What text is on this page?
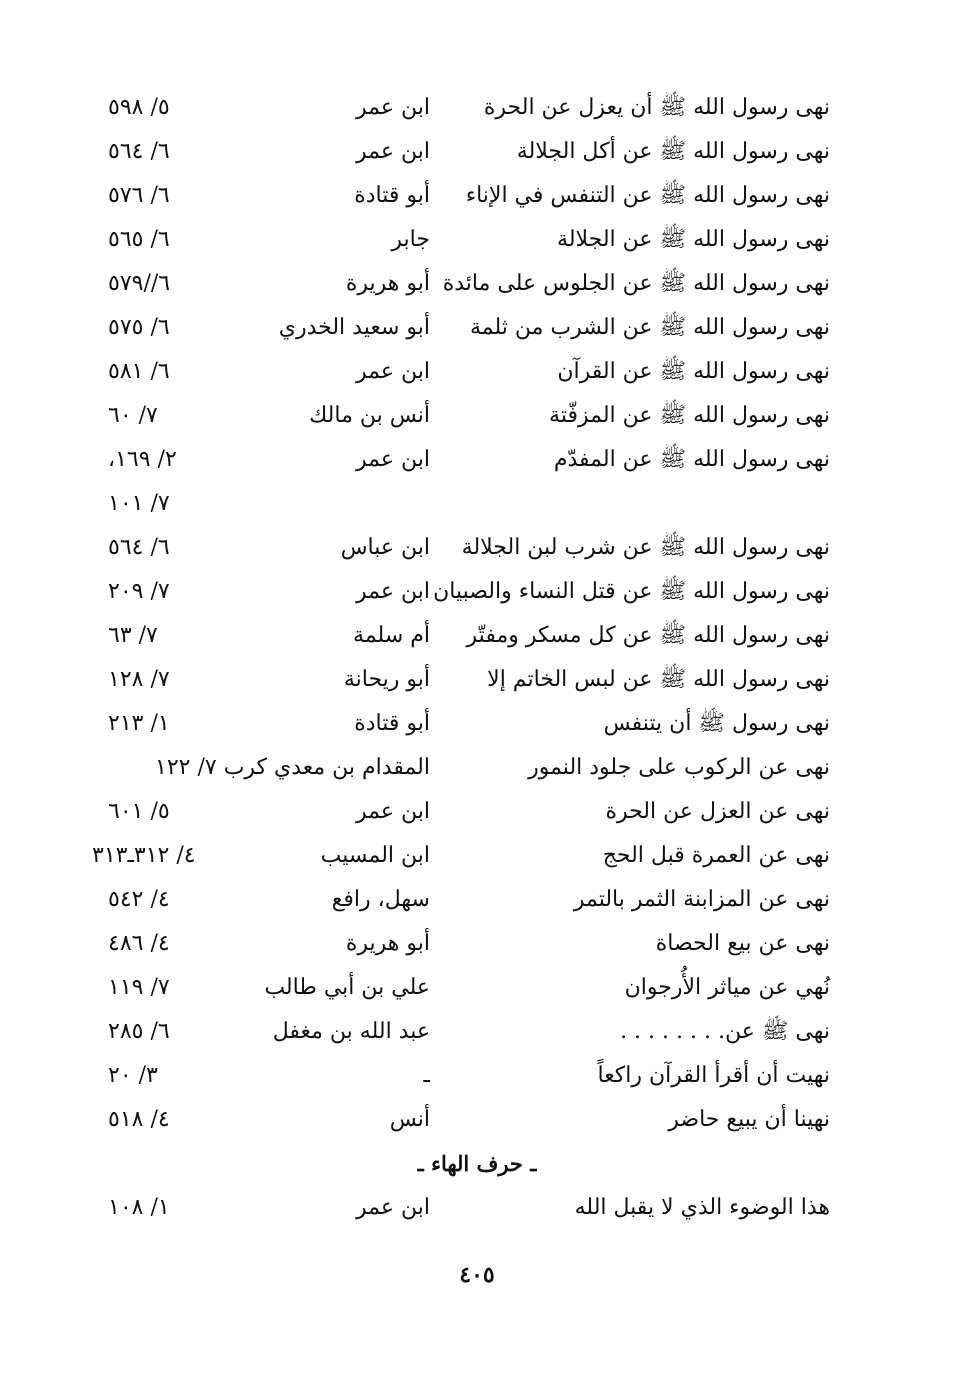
نهى رسول الله ﷺ أن يعزل عن الحرة
ابن عمر
٥/ ٥٩٨
نهى رسول الله ﷺ عن أكل الجلالة
ابن عمر
٦/ ٥٦٤
نهى رسول الله ﷺ عن التنفس في الإناء
أبو قتادة
٦/ ٥٧٦
نهى رسول الله ﷺ عن الجلالة
جابر
٦/ ٥٦٥
نهى رسول الله ﷺ عن الجلوس على مائدة
أبو هريرة
٦//٥٧٩
نهى رسول الله ﷺ عن الشرب من ثلمة
أبو سعيد الخدري
٦/ ٥٧٥
نهى رسول الله ﷺ عن القرآن
ابن عمر
٦/ ٥٨١
نهى رسول الله ﷺ عن المزفّتة
أنس بن مالك
٧/ ٦٠
نهى رسول الله ﷺ عن المفدّم
ابن عمر
٢/ ١٦٩،
٧/ ١٠١
نهى رسول الله ﷺ عن شرب لبن الجلالة
ابن عباس
٦/ ٥٦٤
نهى رسول الله ﷺ عن قتل النساء والصبيان
ابن عمر
٧/ ٢٠٩
نهى رسول الله ﷺ عن كل مسكر ومفتّر
أم سلمة
٧/ ٦٣
نهى رسول الله ﷺ عن لبس الخاتم إلا
أبو ريحانة
٧/ ١٢٨
نهى رسول ﷺ أن يتنفس
أبو قتادة
١/ ٢١٣
نهى عن الركوب على جلود النمور
المقدام بن معدي كرب ٧/ ١٢٢
نهى عن العزل عن الحرة
ابن عمر
٥/ ٦٠١
نهى عن العمرة قبل الحج
ابن المسيب
٤/ ٣١٢ـ٣١٣
نهى عن المزابنة الثمر بالتمر
سهل، رافع
٤/ ٥٤٢
نهى عن بيع الحصاة
أبو هريرة
٤/ ٤٨٦
نُهي عن مياثر الأُرجوان
علي بن أبي طالب
٧/ ١١٩
نهى ﷺ عن. . . . . . . .
عبد الله بن مغفل
٦/ ٢٨٥
نهيت أن أقرأ القرآن راكعاً
ـ
٣/ ٢٠
نهينا أن يبيع حاضر
أنس
٤/ ٥١٨
ـ حرف الهاء ـ
هذا الوضوء الذي لا يقبل الله
ابن عمر
١/ ١٠٨
٤٠٥
